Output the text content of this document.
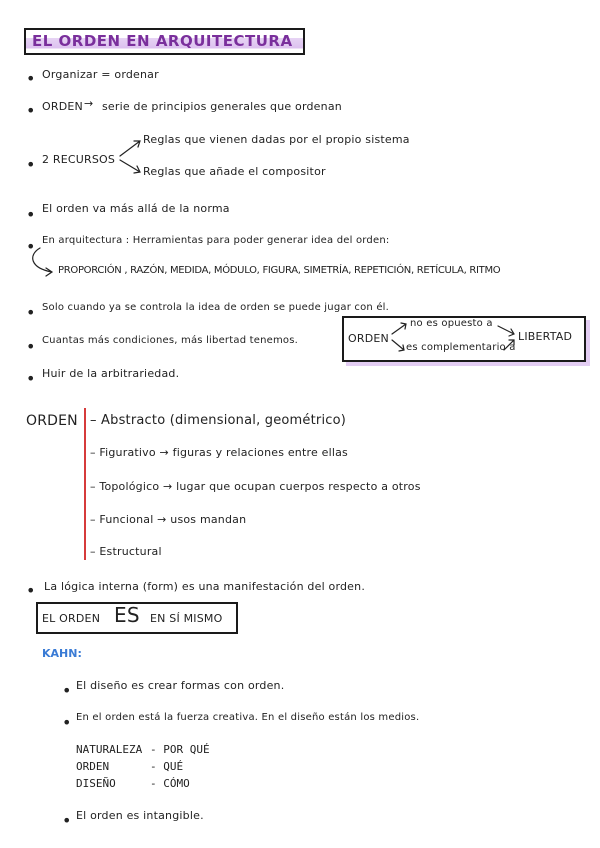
EL ORDEN EN ARQUITECTURA
• Organizar = ordenar
• ORDEN → serie de principios generales que ordenan
• 2 RECURSOS
Reglas que vienen dadas por el propio sistema
Reglas que añade el compositor
• El orden va más allá de la norma
• En arquitectura : Herramientas para poder generar idea del orden:
PROPORCIÓN , RAZÓN, MEDIDA, MÓDULO, FIGURA, SIMETRÍA, REPETICIÓN, RETÍCULA, RITMO
• Solo cuando ya se controla la idea de orden se puede jugar con él.
• Cuantas más condiciones, más libertad tenemos.
• Huir de la arbitrariedad.
ORDEN
no es opuesto a
es complementario a
LIBERTAD
ORDEN – Abstracto (dimensional, geométrico)
– Figurativo → figuras y relaciones entre ellas
– Topológico → lugar que ocupan cuerpos respecto a otros
– Funcional → usos mandan
– Estructural
• La lógica interna (form) es una manifestación del orden.
EL ORDEN ES EN SÍ MISMO
KAHN:
• El diseño es crear formas con orden.
• En el orden está la fuerza creativa. En el diseño están los medios.
NATURALEZA - POR QUÉ
ORDEN	- QUÉ
DISEÑO	- CÓMO
• El orden es intangible.
